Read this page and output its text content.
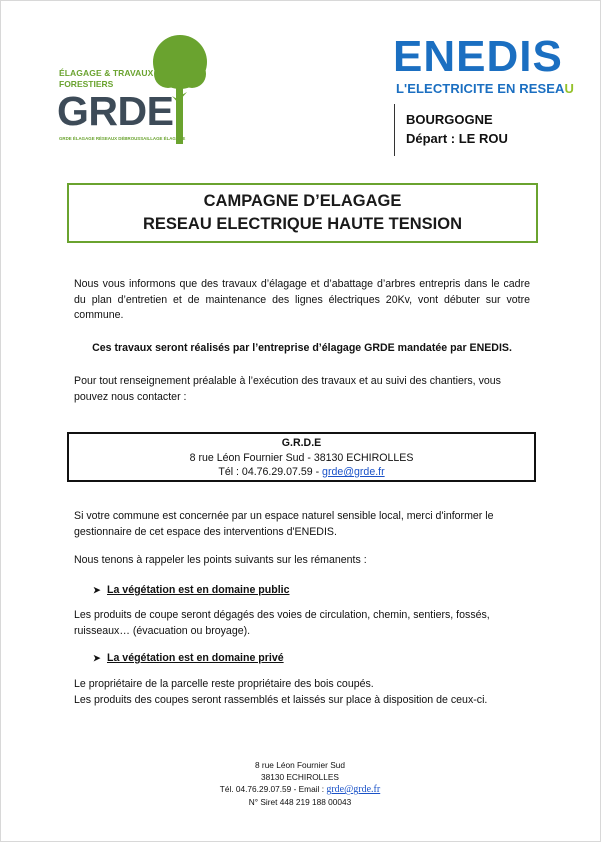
ÉLAGAGE & TRAVAUX
FORESTIERS
GRDE
GRDE ÉLAGAGE RÉSEAUX DÉBROUSSAILLAGE ÉLAGAGE
ENEDIS
L'ELECTRICITE EN RESEAU
BOURGOGNE
Départ : LE ROU
CAMPAGNE D’ELAGAGE
RESEAU ELECTRIQUE HAUTE TENSION
Nous vous informons que des travaux d’élagage et d’abattage d’arbres entrepris dans le cadre du plan d’entretien et de maintenance des lignes électriques 20Kv, vont débuter sur votre commune.
Ces travaux seront réalisés par l’entreprise d’élagage GRDE mandatée par ENEDIS.
Pour tout renseignement préalable à l’exécution des travaux et au suivi des chantiers, vous pouvez nous contacter :
G.R.D.E
8 rue Léon Fournier Sud - 38130 ECHIROLLES
Tél : 04.76.29.07.59 - grde@grde.fr
Si votre commune est concernée par un espace naturel sensible local, merci d'informer le gestionnaire de cet espace des interventions d'ENEDIS.
Nous tenons à rappeler les points suivants sur les rémanents :
➤ La végétation est en domaine public
Les produits de coupe seront dégagés des voies de circulation, chemin, sentiers, fossés, ruisseaux… (évacuation ou broyage).
➤ La végétation est en domaine privé
Le propriétaire de la parcelle reste propriétaire des bois coupés.
Les produits des coupes seront rassemblés et laissés sur place à disposition de ceux-ci.
8 rue Léon Fournier Sud
38130 ECHIROLLES
Tél. 04.76.29.07.59 - Email : grde@grde.fr
N° Siret 448 219 188 00043
